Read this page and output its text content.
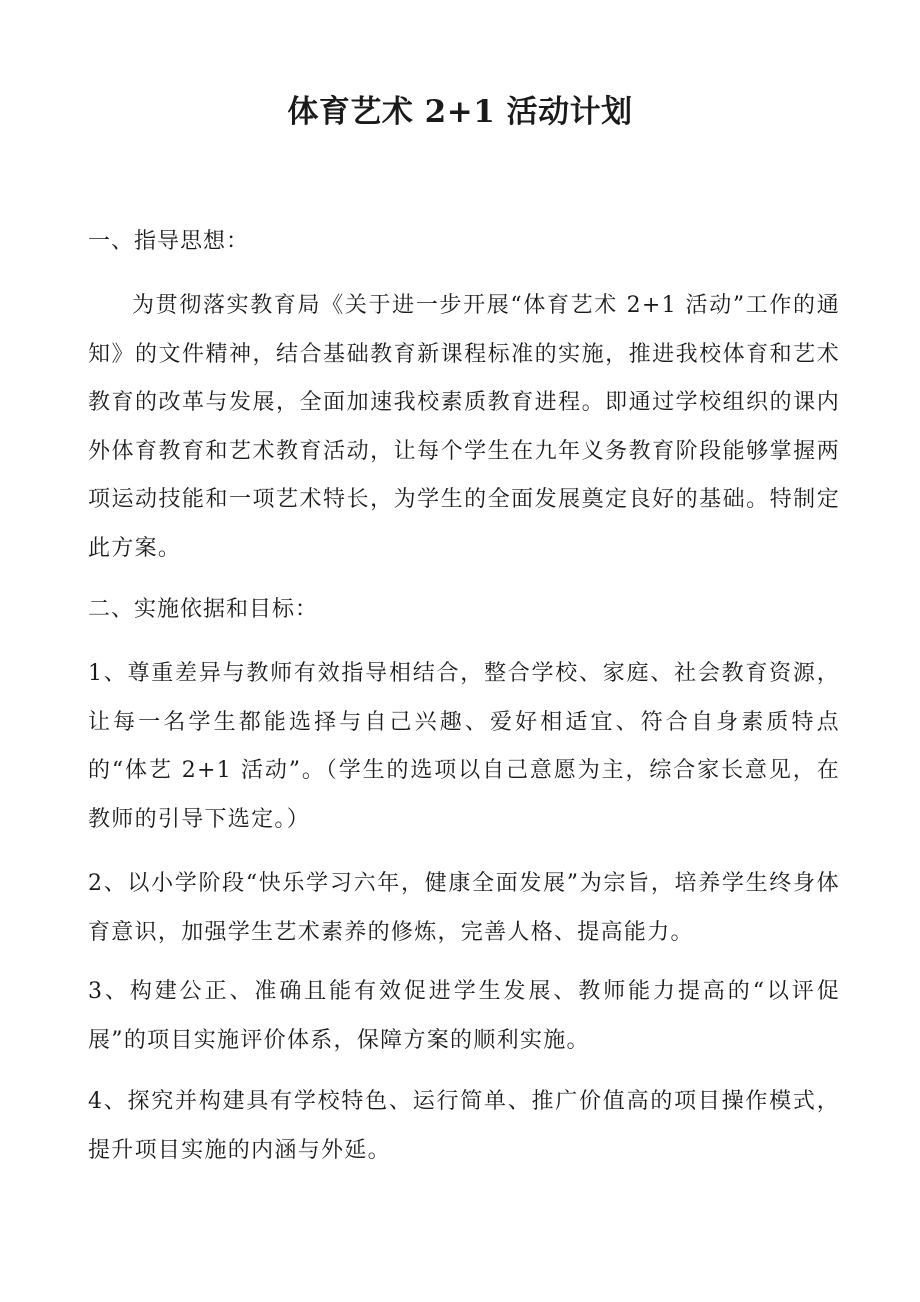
体育艺术 2+1 活动计划
一、指导思想：

为贯彻落实教育局《关于进一步开展“体育艺术 2+1 活动”工作的通知》的文件精神，结合基础教育新课程标准的实施，推进我校体育和艺术教育的改革与发展，全面加速我校素质教育进程。即通过学校组织的课内外体育教育和艺术教育活动，让每个学生在九年义务教育阶段能够掌握两项运动技能和一项艺术特长，为学生的全面发展奠定良好的基础。特制定此方案。

二、实施依据和目标：

1、尊重差异与教师有效指导相结合，整合学校、家庭、社会教育资源，让每一名学生都能选择与自己兴趣、爱好相适宜、符合自身素质特点的“体艺 2+1 活动”。（学生的选项以自己意愿为主，综合家长意见，在教师的引导下选定。）

2、以小学阶段“快乐学习六年，健康全面发展”为宗旨，培养学生终身体育意识，加强学生艺术素养的修炼，完善人格、提高能力。

3、构建公正、准确且能有效促进学生发展、教师能力提高的“以评促展”的项目实施评价体系，保障方案的顺利实施。

4、探究并构建具有学校特色、运行简单、推广价值高的项目操作模式，提升项目实施的内涵与外延。
